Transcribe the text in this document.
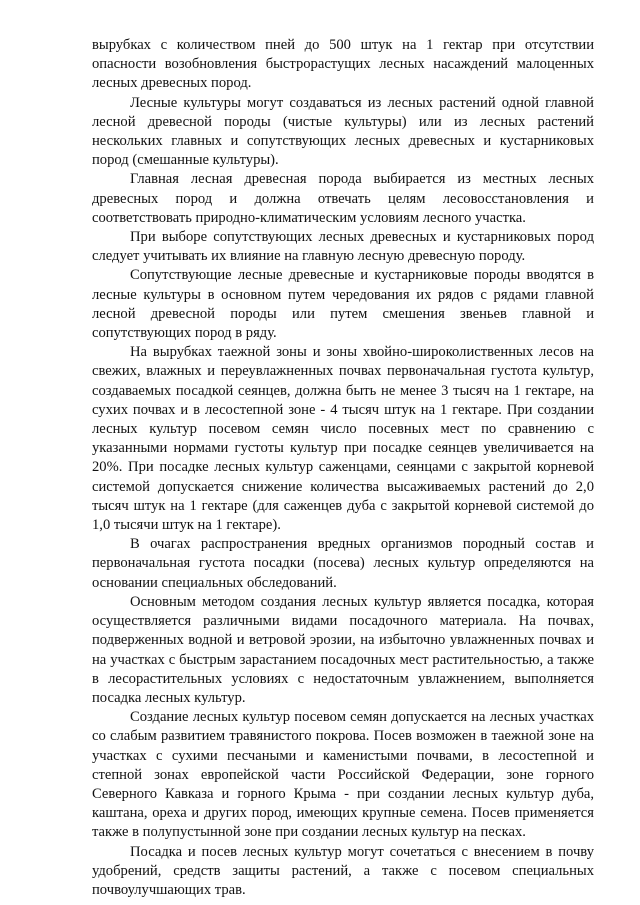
вырубках с количеством пней до 500 штук на 1 гектар при отсутствии опасности возобновления быстрорастущих лесных насаждений малоценных лесных древесных пород.

Лесные культуры могут создаваться из лесных растений одной главной лесной древесной породы (чистые культуры) или из лесных растений нескольких главных и сопутствующих лесных древесных и кустарниковых пород (смешанные культуры).

Главная лесная древесная порода выбирается из местных лесных древесных пород и должна отвечать целям лесовосстановления и соответствовать природно-климатическим условиям лесного участка.

При выборе сопутствующих лесных древесных и кустарниковых пород следует учитывать их влияние на главную лесную древесную породу.

Сопутствующие лесные древесные и кустарниковые породы вводятся в лесные культуры в основном путем чередования их рядов с рядами главной лесной древесной породы или путем смешения звеньев главной и сопутствующих пород в ряду.

На вырубках таежной зоны и зоны хвойно-широколиственных лесов на свежих, влажных и переувлажненных почвах первоначальная густота культур, создаваемых посадкой сеянцев, должна быть не менее 3 тысяч на 1 гектаре, на сухих почвах и в лесостепной зоне - 4 тысяч штук на 1 гектаре. При создании лесных культур посевом семян число посевных мест по сравнению с указанными нормами густоты культур при посадке сеянцев увеличивается на 20%. При посадке лесных культур саженцами, сеянцами с закрытой корневой системой допускается снижение количества высаживаемых растений до 2,0 тысяч штук на 1 гектаре (для саженцев дуба с закрытой корневой системой до 1,0 тысячи штук на 1 гектаре).

В очагах распространения вредных организмов породный состав и первоначальная густота посадки (посева) лесных культур определяются на основании специальных обследований.

Основным методом создания лесных культур является посадка, которая осуществляется различными видами посадочного материала. На почвах, подверженных водной и ветровой эрозии, на избыточно увлажненных почвах и на участках с быстрым зарастанием посадочных мест растительностью, а также в лесорастительных условиях с недостаточным увлажнением, выполняется посадка лесных культур.

Создание лесных культур посевом семян допускается на лесных участках со слабым развитием травянистого покрова. Посев возможен в таежной зоне на участках с сухими песчаными и каменистыми почвами, в лесостепной и степной зонах европейской части Российской Федерации, зоне горного Северного Кавказа и горного Крыма - при создании лесных культур дуба, каштана, ореха и других пород, имеющих крупные семена. Посев применяется также в полупустынной зоне при создании лесных культур на песках.

Посадка и посев лесных культур могут сочетаться с внесением в почву удобрений, средств защиты растений, а также с посевом специальных почвоулучшающих трав.
